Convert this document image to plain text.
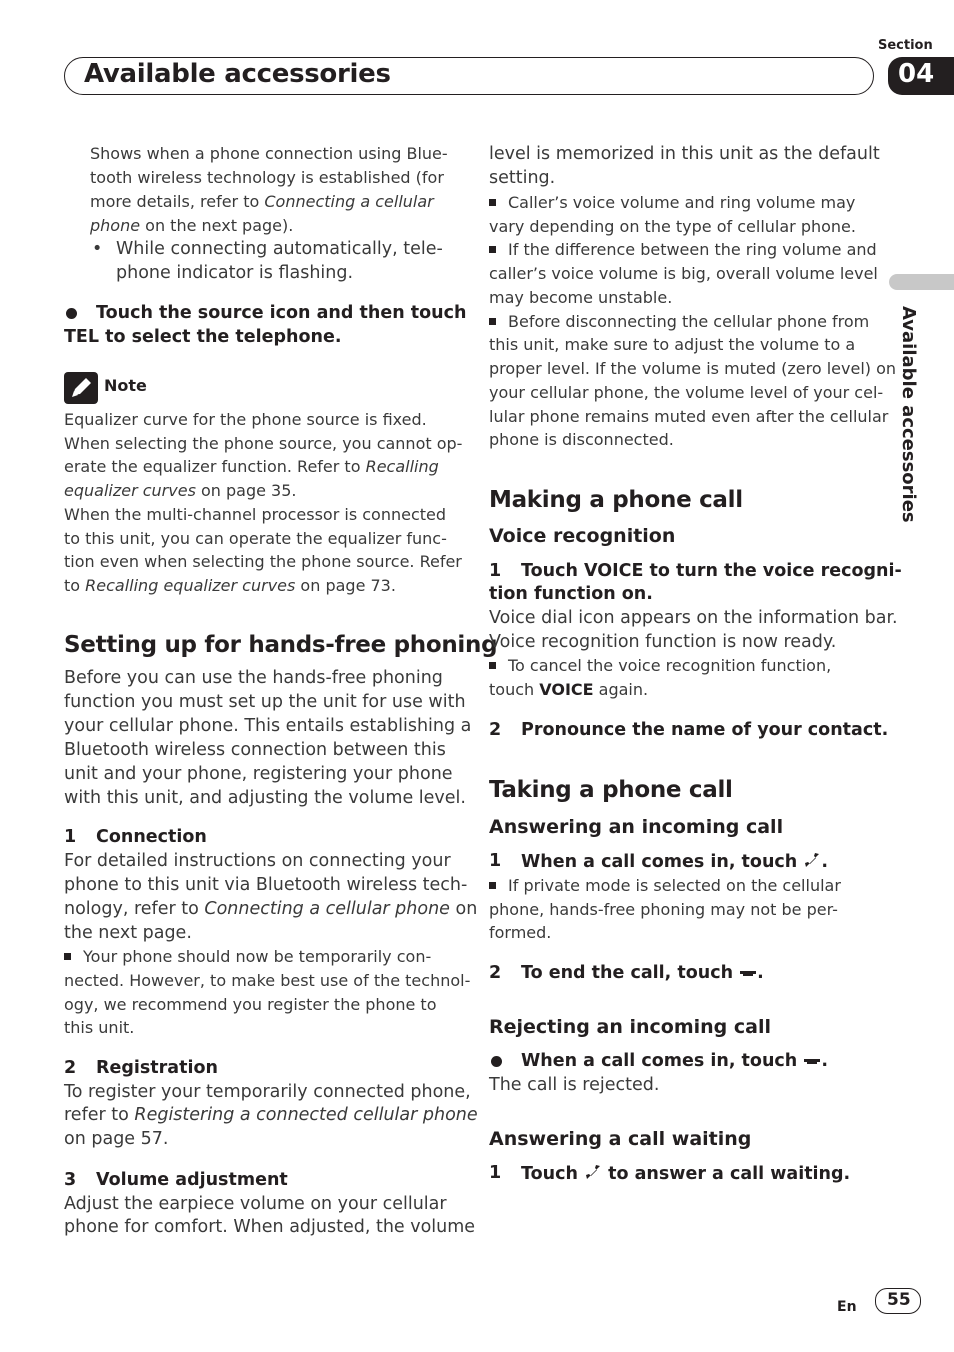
Section
Available accessories	04
Available accessories
Shows when a phone connection using Blue-
tooth wireless technology is established (for
more details, refer to Connecting a cellular
phone on the next page).
• While connecting automatically, tele-
phone indicator is flashing.
Touch the source icon and then touch
TEL to select the telephone.
Note
Equalizer curve for the phone source is fixed.
When selecting the phone source, you cannot op-
erate the equalizer function. Refer to Recalling
equalizer curves on page 35.
When the multi-channel processor is connected
to this unit, you can operate the equalizer func-
tion even when selecting the phone source. Refer
to Recalling equalizer curves on page 73.
Setting up for hands-free phoning
Before you can use the hands-free phoning
function you must set up the unit for use with
your cellular phone. This entails establishing a
Bluetooth wireless connection between this
unit and your phone, registering your phone
with this unit, and adjusting the volume level.
1 Connection
For detailed instructions on connecting your
phone to this unit via Bluetooth wireless tech-
nology, refer to Connecting a cellular phone on
the next page.
Your phone should now be temporarily con-
nected. However, to make best use of the technol-
ogy, we recommend you register the phone to
this unit.
2 Registration
To register your temporarily connected phone,
refer to Registering a connected cellular phone
on page 57.
3 Volume adjustment
Adjust the earpiece volume on your cellular
phone for comfort. When adjusted, the volume
level is memorized in this unit as the default
setting.
Caller’s voice volume and ring volume may
vary depending on the type of cellular phone.
If the difference between the ring volume and
caller’s voice volume is big, overall volume level
may become unstable.
Before disconnecting the cellular phone from
this unit, make sure to adjust the volume to a
proper level. If the volume is muted (zero level) on
your cellular phone, the volume level of your cel-
lular phone remains muted even after the cellular
phone is disconnected.
Making a phone call
Voice recognition
1 Touch VOICE to turn the voice recogni-
tion function on.
Voice dial icon appears on the information bar.
Voice recognition function is now ready.
To cancel the voice recognition function,
touch VOICE again.
2 Pronounce the name of your contact.
Taking a phone call
Answering an incoming call
1 When a call comes in, touch .
If private mode is selected on the cellular
phone, hands-free phoning may not be per-
formed.
2 To end the call, touch .
Rejecting an incoming call
When a call comes in, touch .
The call is rejected.
Answering a call waiting
1 Touch  to answer a call waiting.
En 55
